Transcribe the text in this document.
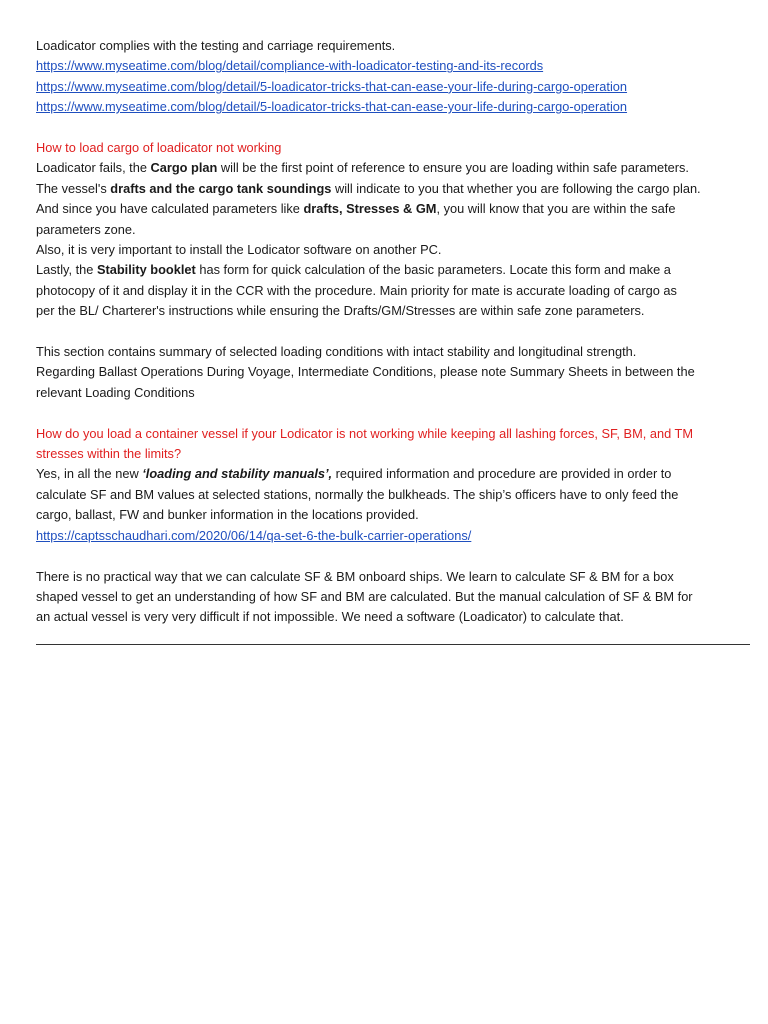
Loadicator complies with the testing and carriage requirements.
https://www.myseatime.com/blog/detail/compliance-with-loadicator-testing-and-its-records
https://www.myseatime.com/blog/detail/5-loadicator-tricks-that-can-ease-your-life-during-cargo-operation
https://www.myseatime.com/blog/detail/5-loadicator-tricks-that-can-ease-your-life-during-cargo-operation
How to load cargo of loadicator not working
Loadicator fails, the Cargo plan will be the first point of reference to ensure you are loading within safe parameters.
The vessel's drafts and the cargo tank soundings will indicate to you that whether you are following the cargo plan.
And since you have calculated parameters like drafts, Stresses & GM, you will know that you are within the safe
parameters zone.
Also, it is very important to install the Lodicator software on another PC.
Lastly, the Stability booklet has form for quick calculation of the basic parameters. Locate this form and make a
photocopy of it and display it in the CCR with the procedure. Main priority for mate is accurate loading of cargo as
per the BL/ Charterer's instructions while ensuring the Drafts/GM/Stresses are within safe zone parameters.
This section contains summary of selected loading conditions with intact stability and longitudinal strength.
Regarding Ballast Operations During Voyage, Intermediate Conditions, please note Summary Sheets in between the
relevant Loading Conditions
How do you load a container vessel if your Lodicator is not working while keeping all lashing forces, SF, BM, and TM
stresses within the limits?
Yes, in all the new ‘loading and stability manuals’, required information and procedure are provided in order to
calculate SF and BM values at selected stations, normally the bulkheads. The ship’s officers have to only feed the
cargo, ballast, FW and bunker information in the locations provided.
https://captsschaudhari.com/2020/06/14/qa-set-6-the-bulk-carrier-operations/
There is no practical way that we can calculate SF & BM onboard ships. We learn to calculate SF & BM for a box
shaped vessel to get an understanding of how SF and BM are calculated. But the manual calculation of SF & BM for
an actual vessel is very very difficult if not impossible. We need a software (Loadicator) to calculate that.
